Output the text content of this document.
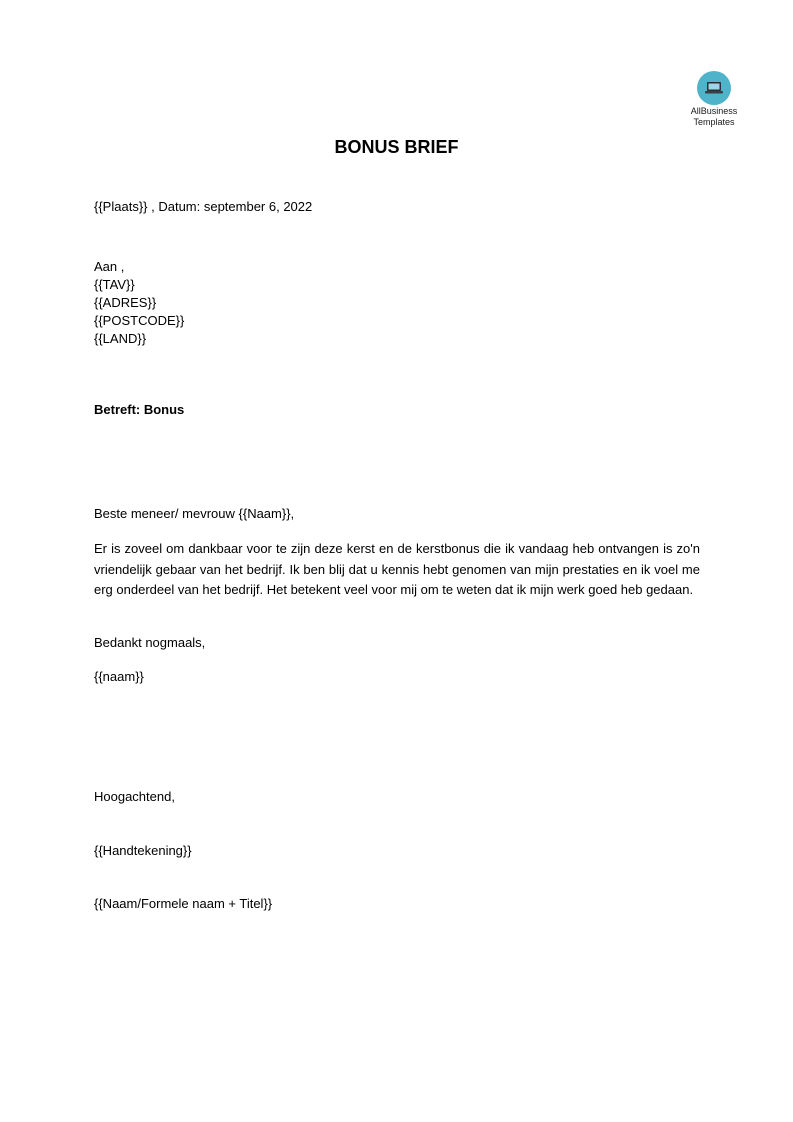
AllBusiness
Templates
BONUS BRIEF
{{Plaats}} , Datum: september 6, 2022
Aan ,
{{TAV}}
{{ADRES}}
{{POSTCODE}}
{{LAND}}
Betreft: Bonus
Beste meneer/ mevrouw {{Naam}},
Er is zoveel om dankbaar voor te zijn deze kerst en de kerstbonus die ik vandaag heb ontvangen is zo'n vriendelijk gebaar van het bedrijf. Ik ben blij dat u kennis hebt genomen van mijn prestaties en ik voel me erg onderdeel van het bedrijf. Het betekent veel voor mij om te weten dat ik mijn werk goed heb gedaan.
Bedankt nogmaals,
{{naam}}
Hoogachtend,
{{Handtekening}}
{{Naam/Formele naam + Titel}}
